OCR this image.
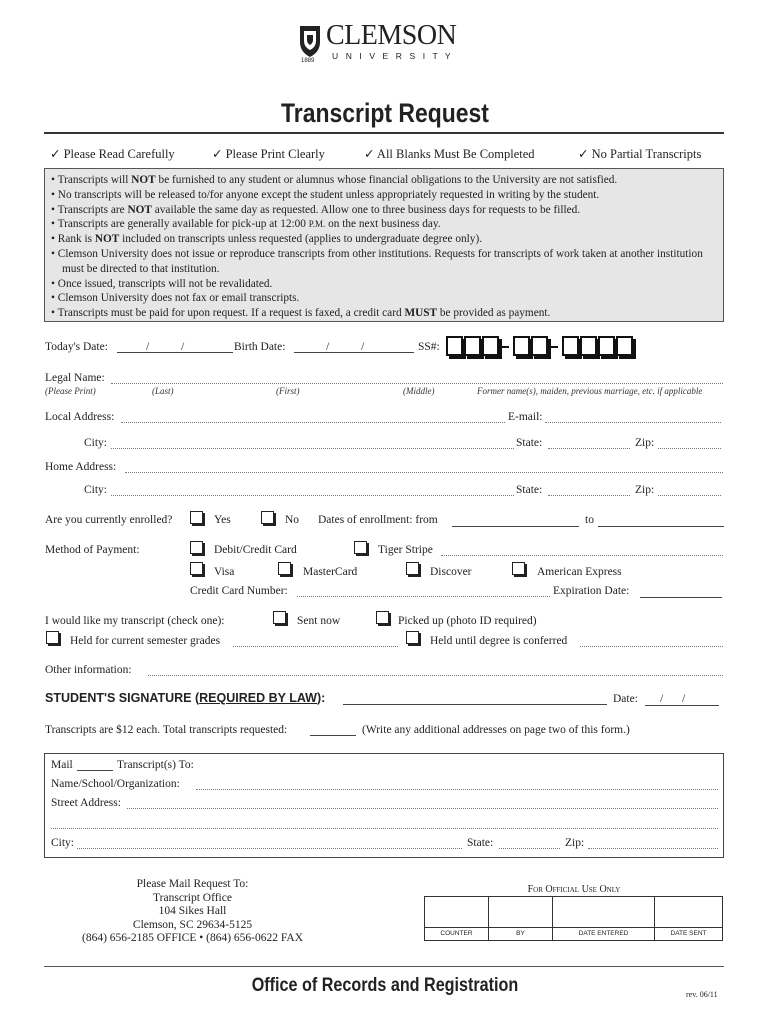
1889
CLEMSON
U N I V E R S I T Y
Transcript Request
✓ Please Read Carefully	✓ Please Print Clearly	✓ All Blanks Must Be Completed	✓ No Partial Transcripts
• Transcripts will NOT be furnished to any student or alumnus whose financial obligations to the University are not satisfied.
• No transcripts will be released to/for anyone except the student unless appropriately requested in writing by the student.
• Transcripts are NOT available the same day as requested. Allow one to three business days for requests to be filled.
• Transcripts are generally available for pick-up at 12:00 P.M. on the next business day.
• Rank is NOT included on transcripts unless requested (applies to undergraduate degree only).
• Clemson University does not issue or reproduce transcripts from other institutions. Requests for transcripts of work taken at another institution must be directed to that institution.
• Once issued, transcripts will not be revalidated.
• Clemson University does not fax or email transcripts.
• Transcripts must be paid for upon request. If a request is faxed, a credit card MUST be provided as payment.
Today's Date:	/	/	Birth Date:	/	/	SS#:
Legal Name:
(Please Print)	(Last)	(First)	(Middle)	Former name(s), maiden, previous marriage, etc. if applicable
Local Address:	E-mail:
City:	State:	Zip:
Home Address:
City:	State:	Zip:
Are you currently enrolled?	Yes	No Dates of enrollment: from	to
Method of Payment:	Debit/Credit Card	Tiger Stripe
Visa	MasterCard	Discover	American Express
Credit Card Number:	Expiration Date:
I would like my transcript (check one):	Sent now	Picked up (photo ID required)
Held for current semester grades	Held until degree is conferred
Other information:
STUDENT'S SIGNATURE (REQUIRED BY LAW):	Date: / /
Transcripts are $12 each. Total transcripts requested:	(Write any additional addresses on page two of this form.)
Mail	Transcript(s) To:
Name/School/Organization:
Street Address:
City:	State:	Zip:
Please Mail Request To:
Transcript Office
104 Sikes Hall
Clemson, SC 29634-5125
(864) 656-2185 OFFICE • (864) 656-0622 FAX
For Official Use Only
COUNTER	BY	DATE ENTERED	DATE SENT
Office of Records and Registration	rev. 06/11
